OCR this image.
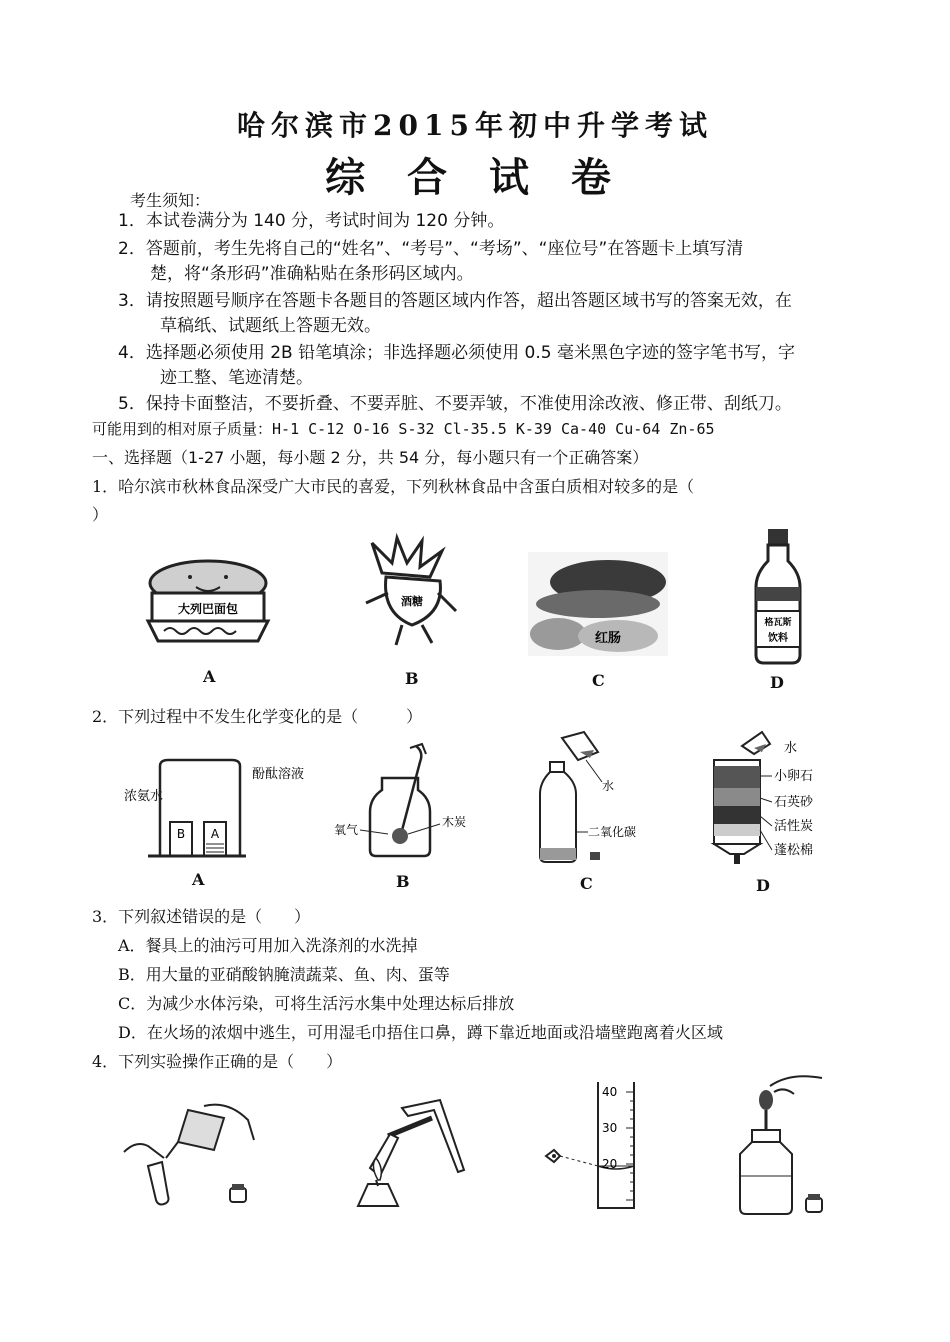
哈尔滨市2015年初中升学考试
综 合 试 卷
考生须知：
1．本试卷满分为 140 分，考试时间为 120 分钟。
2．答题前，考生先将自己的“姓名”、“考号”、“考场”、“座位号”在答题卡上填写清
楚，将“条形码”准确粘贴在条形码区域内。
3．请按照题号顺序在答题卡各题目的答题区域内作答，超出答题区域书写的答案无效，在
草稿纸、试题纸上答题无效。
4．选择题必须使用 2B 铅笔填涂；非选择题必须使用 0.5 毫米黑色字迹的签字笔书写，字
迹工整、笔迹清楚。
5．保持卡面整洁，不要折叠、不要弄脏、不要弄皱，不准使用涂改液、修正带、刮纸刀。
可能用到的相对原子质量：H-1 C-12 O-16 S-32 Cl-35.5 K-39 Ca-40 Cu-64 Zn-65
一、选择题（1-27 小题，每小题 2 分，共 54 分，每小题只有一个正确答案）
1．哈尔滨市秋林食品深受广大市民的喜爱，下列秋林食品中含蛋白质相对较多的是（
）
大列巴面包
酒糖
红肠
格瓦斯
饮料
A	B	C	D
2．下列过程中不发生化学变化的是（　　　）
浓氨水
酚酞溶液
B A
A
氧气
木炭
B
水
二氧化碳
C
水
小卵石
石英砂
活性炭
蓬松棉
D
3．下列叙述错误的是（　　）
A．餐具上的油污可用加入洗涤剂的水洗掉
B．用大量的亚硝酸钠腌渍蔬菜、鱼、肉、蛋等
C．为减少水体污染，可将生活污水集中处理达标后排放
D．在火场的浓烟中逃生，可用湿毛巾捂住口鼻，蹲下靠近地面或沿墙壁跑离着火区域
4．下列实验操作正确的是（　　）
40
30
20
